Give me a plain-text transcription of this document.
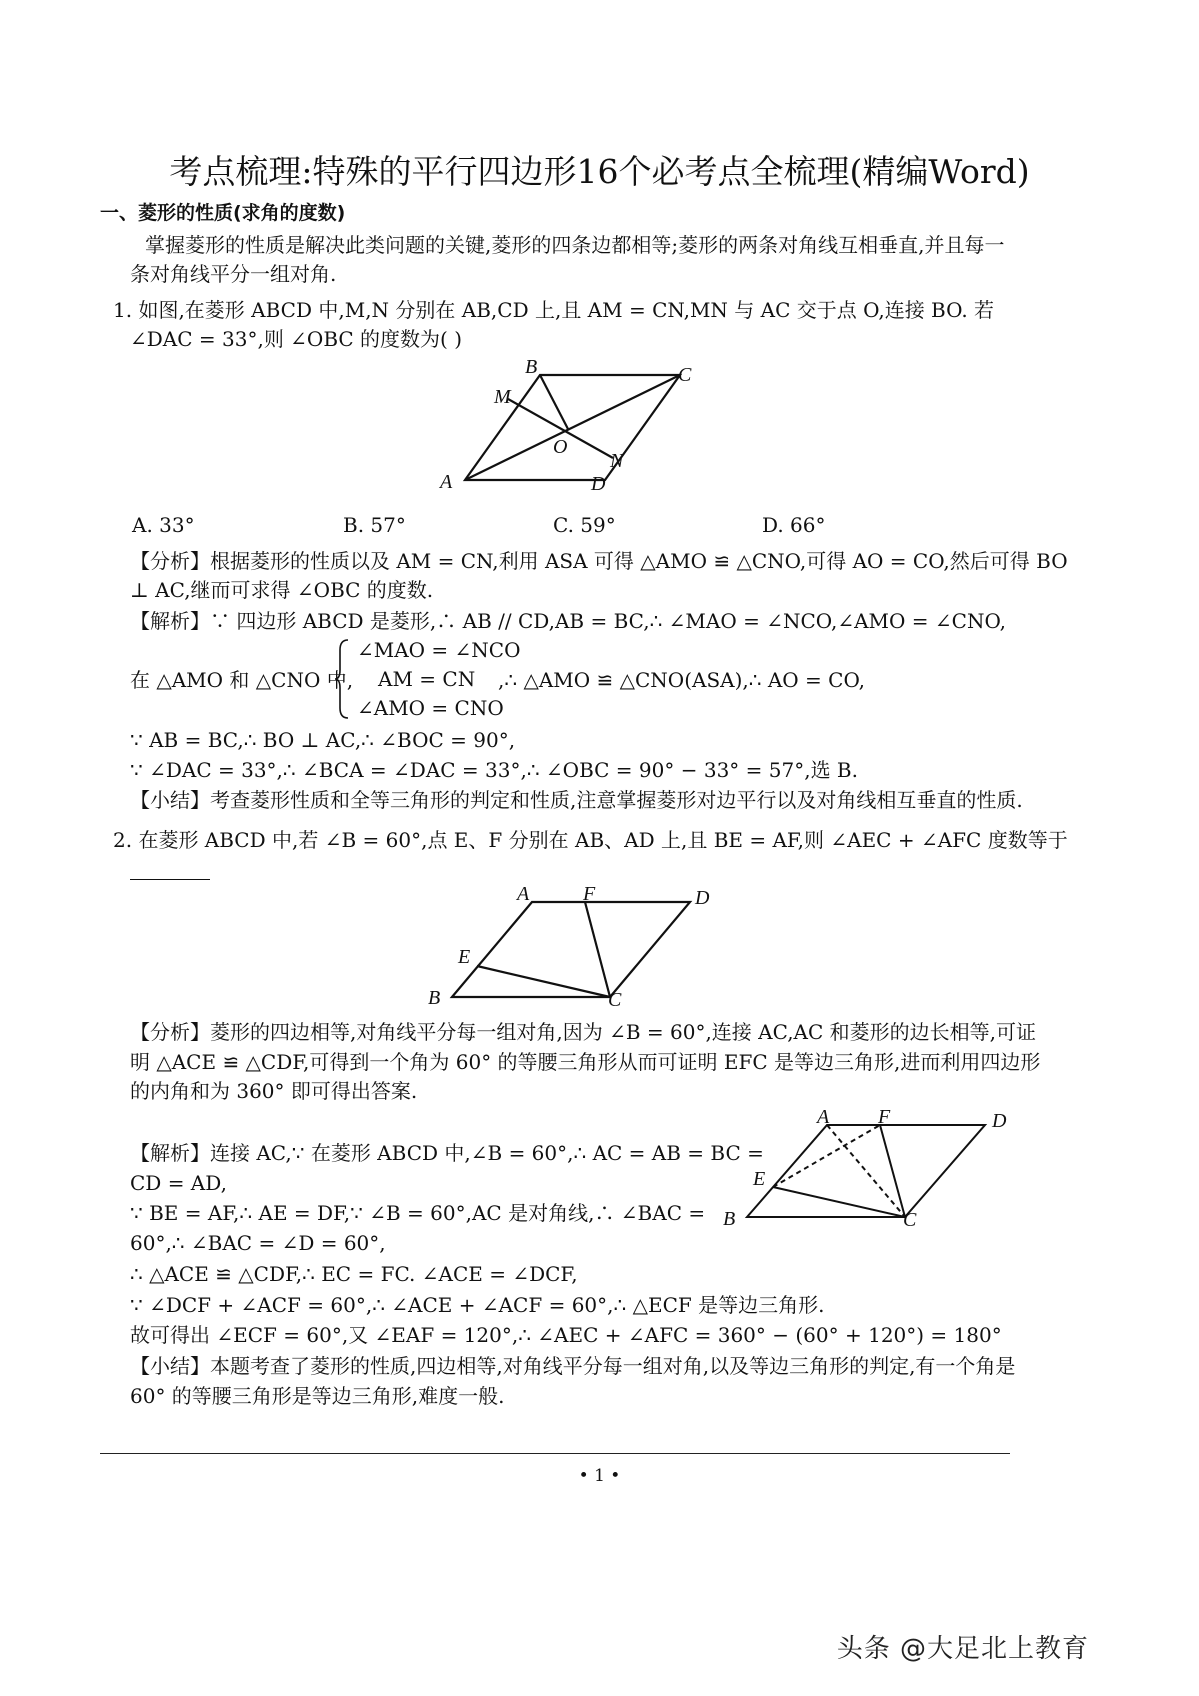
考点梳理:特殊的平行四边形16个必考点全梳理(精编Word)
一、菱形的性质(求角的度数)
掌握菱形的性质是解决此类问题的关键,菱形的四条边都相等;菱形的两条对角线互相垂直,并且每一
条对角线平分一组对角.
1. 如图,在菱形 ABCD 中,M,N 分别在 AB,CD 上,且 AM = CN,MN 与 AC 交于点 O,连接 BO. 若
∠DAC = 33°,则 ∠OBC 的度数为( )
A
B	C
D
M
N
O
A. 33°	B. 57°	C. 59°	D. 66°
【分析】根据菱形的性质以及 AM = CN,利用 ASA 可得 △AMO ≌ △CNO,可得 AO = CO,然后可得 BO
⊥ AC,继而可求得 ∠OBC 的度数.
【解析】∵ 四边形 ABCD 是菱形,∴ AB // CD,AB = BC,∴ ∠MAO = ∠NCO,∠AMO = ∠CNO,
在 △AMO 和 △CNO 中,
∠MAO = ∠NCO
AM = CN
∠AMO = CNO
,∴ △AMO ≌ △CNO(ASA),∴ AO = CO,
∵ AB = BC,∴ BO ⊥ AC,∴ ∠BOC = 90°,
∵ ∠DAC = 33°,∴ ∠BCA = ∠DAC = 33°,∴ ∠OBC = 90° − 33° = 57°,选 B.
【小结】考查菱形性质和全等三角形的判定和性质,注意掌握菱形对边平行以及对角线相互垂直的性质.
2. 在菱形 ABCD 中,若 ∠B = 60°,点 E、F 分别在 AB、AD 上,且 BE = AF,则 ∠AEC + ∠AFC 度数等于
A	F	D
E
B	C
【分析】菱形的四边相等,对角线平分每一组对角,因为 ∠B = 60°,连接 AC,AC 和菱形的边长相等,可证
明 △ACE ≌ △CDF,可得到一个角为 60° 的等腰三角形从而可证明 EFC 是等边三角形,进而利用四边形
的内角和为 360° 即可得出答案.
A F	D
E
B	C
【解析】连接 AC,∵ 在菱形 ABCD 中,∠B = 60°,∴ AC = AB = BC =
CD = AD,
∵ BE = AF,∴ AE = DF,∵ ∠B = 60°,AC 是对角线,∴ ∠BAC =
60°,∴ ∠BAC = ∠D = 60°,
∴ △ACE ≌ △CDF,∴ EC = FC. ∠ACE = ∠DCF,
∵ ∠DCF + ∠ACF = 60°,∴ ∠ACE + ∠ACF = 60°,∴ △ECF 是等边三角形.
故可得出 ∠ECF = 60°,又 ∠EAF = 120°,∴ ∠AEC + ∠AFC = 360° − (60° + 120°) = 180°
【小结】本题考查了菱形的性质,四边相等,对角线平分每一组对角,以及等边三角形的判定,有一个角是
60° 的等腰三角形是等边三角形,难度一般.
• 1 •
头条 @大足北上教育
